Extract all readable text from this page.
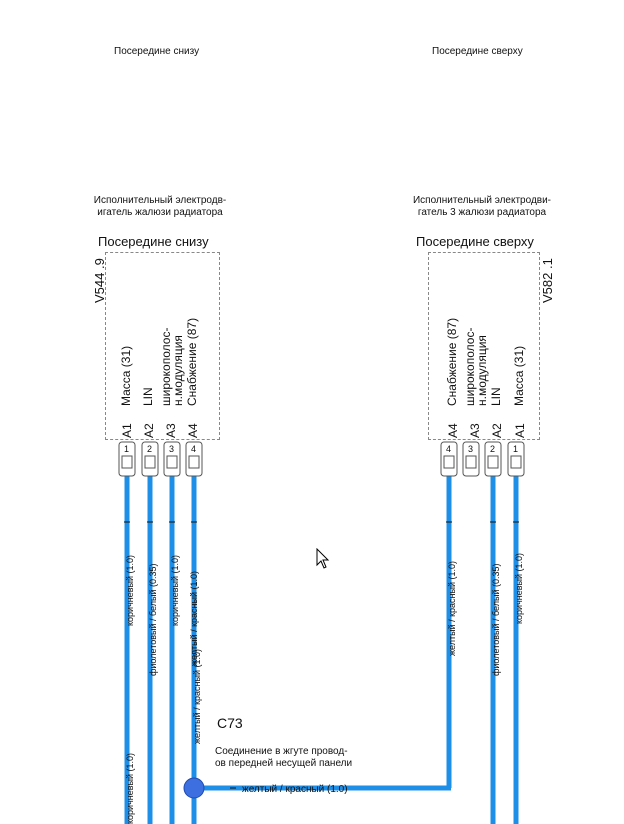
Посередине снизу	Посередине сверху
Исполнительный электродв-
игатель жалюзи радиатора
Посередине снизу
Исполнительный электродви-
гатель 3 жалюзи радиатора
Посередине сверху
1 2 3 4	4 3 2 1
V544 .9	V582 .1
A1 A2 A3 A4
Масса (31) LIN широкополос-
н.модуляция Снабжение (87)
A4 A3 A2 A1
Снабжение (87) широкополос-
н.модуляция LIN Масса (31)
коричневый (1.0) фиолетовый / белый (0.35) коричневый (1.0)
желтый / красный (1.0)
желтый / красный (1.0)
коричневый (1.0)
желтый / красный (1.0)	фиолетовый / белый (0.35) коричневый (1.0)
C73
Соединение в жгуте провод-
ов передней несущей панели
желтый / красный (1.0)
